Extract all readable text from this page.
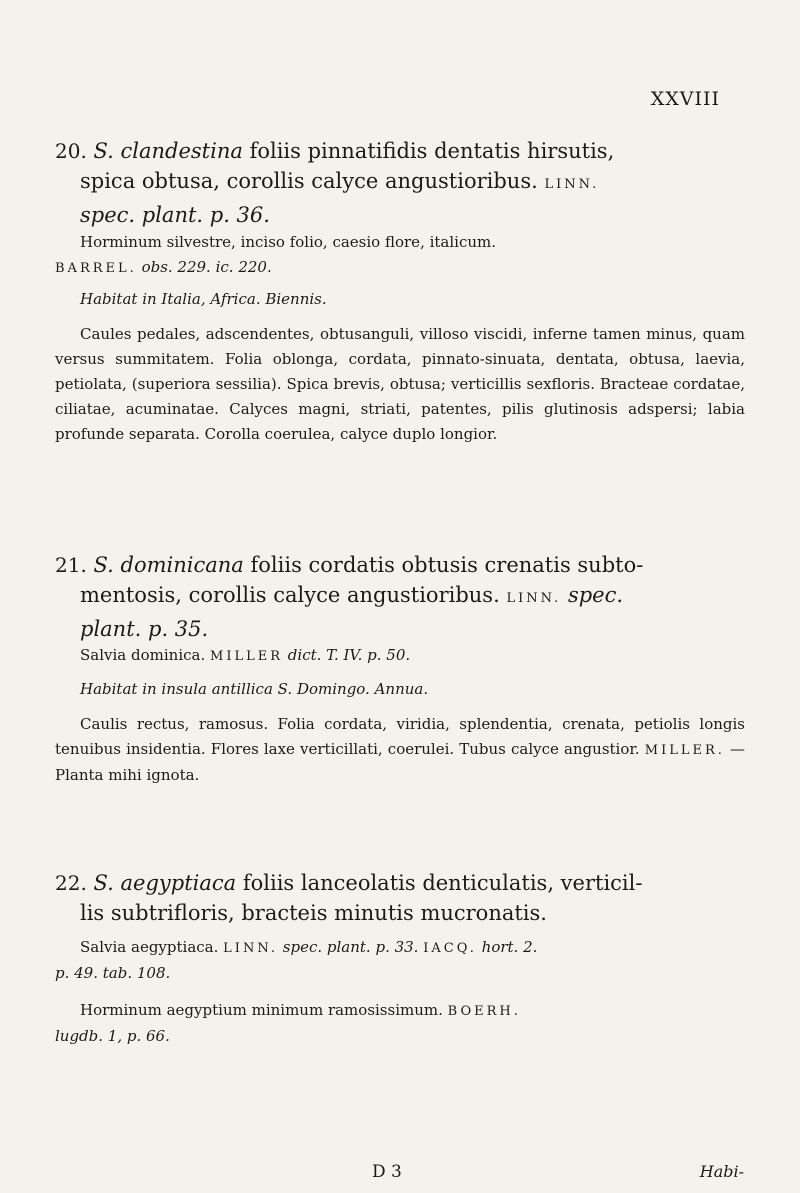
XXVIII
20. S. clandestina foliis pinnatifidis dentatis hirsutis,
spica obtusa, corollis calyce angustioribus. LINN.
spec. plant. p. 36.

Horminum silvestre, inciso folio, caesio flore, italicum.

BARREL. obs. 229. ic. 220.

Habitat in Italia, Africa. Biennis.

Caules pedales, adscendentes, obtusanguli, villoso viscidi, inferne tamen minus, quam versus summitatem. Folia oblonga, cordata, pinnato-sinuata, dentata, obtusa, laevia, petiolata, (superiora sessilia). Spica brevis, obtusa; verticillis sexfloris. Bracteae cordatae, ciliatae, acuminatae. Calyces magni, striati, patentes, pilis glutinosis adspersi; labia profunde separata. Corolla coerulea, calyce duplo longior.

21. S. dominicana foliis cordatis obtusis crenatis subto-
mentosis, corollis calyce angustioribus. LINN. spec.
plant. p. 35.

Salvia dominica. MILLER dict. T. IV. p. 50.

Habitat in insula antillica S. Domingo. Annua.

Caulis rectus, ramosus. Folia cordata, viridia, splendentia, crenata, petiolis longis tenuibus insidentia. Flores laxe verticillati, coerulei. Tubus calyce angustior. MILLER. — Planta mihi ignota.

22. S. aegyptiaca foliis lanceolatis denticulatis, verticil-
lis subtrifloris, bracteis minutis mucronatis.

Salvia aegyptiaca. LINN. spec. plant. p. 33. IACQ. hort. 2.

p. 49. tab. 108.

Horminum aegyptium minimum ramosissimum. BOERH.

lugdb. 1, p. 66.

D 3	Habi-
